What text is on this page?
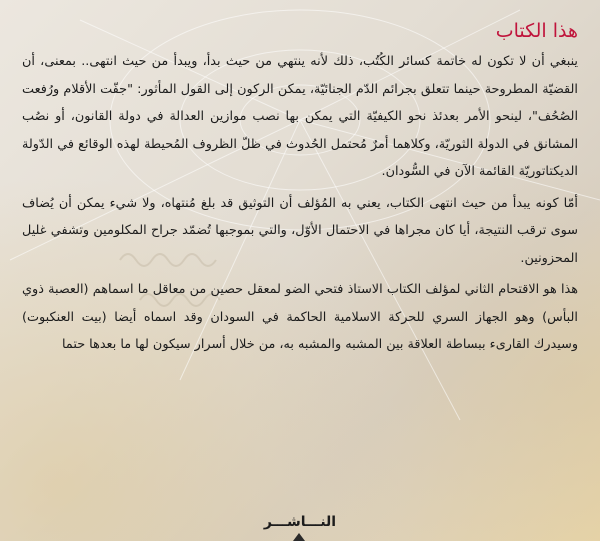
هذا الكتاب

ينبغي أن لا تكون له خاتمة كسائر الكُتُب، ذلك لأنه ينتهي من حيث بدأ، ويبدأ من حيث انتهى.. بمعنى، أن القضيّة المطروحة حينما تتعلق بجرائم الدّم الجنائيّة، يمكن الركون إلى القول المأثور: "جفّت الأقلام ورُفعت الصُحُف"، لينحو الأمر بعدئذ نحو الكيفيّة التي يمكن بها نصب موازين العدالة في دولة القانون، أو نصُب المشانق في الدولة الثوريّة، وكلاهما أمرٌ مُحتمل الحُدوث في ظلّ الظروف المُحيطة لهذه الوقائع في الدّولة الديكتاتوريّة القائمة الآن في السُّودان.

أمّا كونه يبدأ من حيث انتهى الكتاب، يعني به المُؤلف أن التوثيق قد بلغ مُنتهاه، ولا شيء يمكن أن يُضاف سوى ترقب النتيجة، أيا كان مجراها في الاحتمال الأوّل، والتي بموجبها تُضمّد جراح المكلومين وتشفي غليل المحزونين.

هذا هو الاقتحام الثاني لمؤلف الكتاب الاستاذ فتحي الضو لمعقل حصين من معاقل ما اسماهم (العصبة ذوي البأس) وهو الجهاز السري للحركة الاسلامية الحاكمة في السودان وقد اسماه أيضا (بيت العنكبوت) وسيدرك القارىء ببساطة العلاقة بين المشبه والمشبه به، من خلال أسرار سيكون لها ما بعدها حتما

النـــاشـــر
